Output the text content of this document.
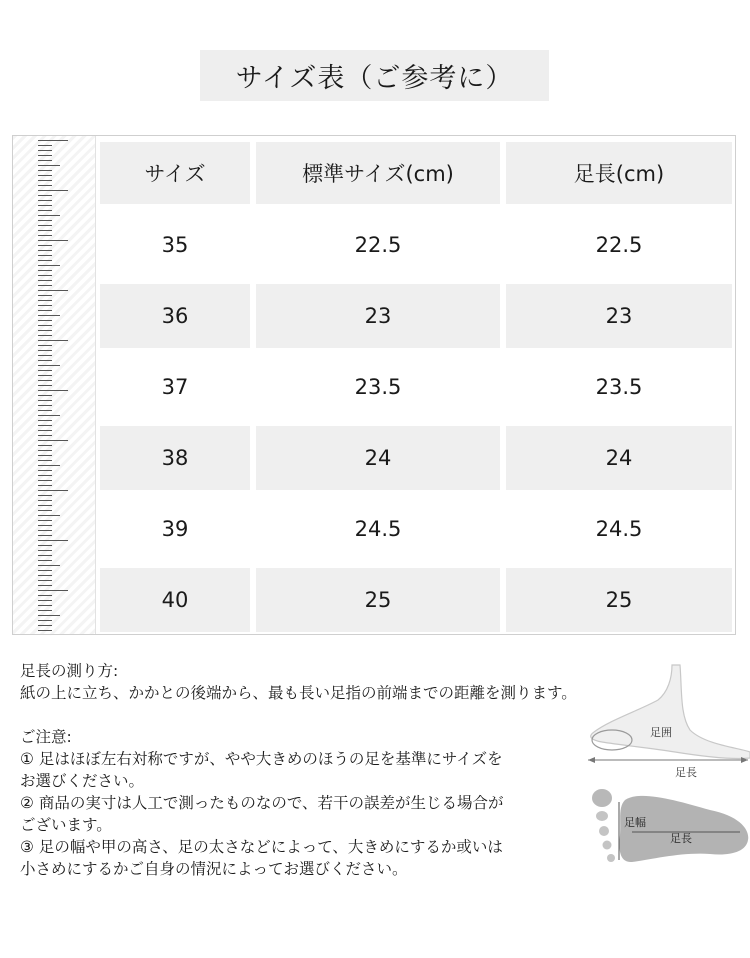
サイズ表（ご参考に）
サイズ	標準サイズ(cm)	足長(cm)
35	22.5	22.5
36	23	23
37	23.5	23.5
38	24	24
39	24.5	24.5
40	25	25
足長の測り方:
紙の上に立ち、かかとの後端から、最も長い足指の前端までの距離を測ります。
ご注意:
① 足はほぼ左右対称ですが、やや大きめのほうの足を基準にサイズを
お選びください。
② 商品の実寸は人工で測ったものなので、若干の誤差が生じる場合が
ございます。
③ 足の幅や甲の高さ、足の太さなどによって、大きめにするか或いは
小さめにするかご自身の情況によってお選びください。
足囲
足長
足幅
足長
